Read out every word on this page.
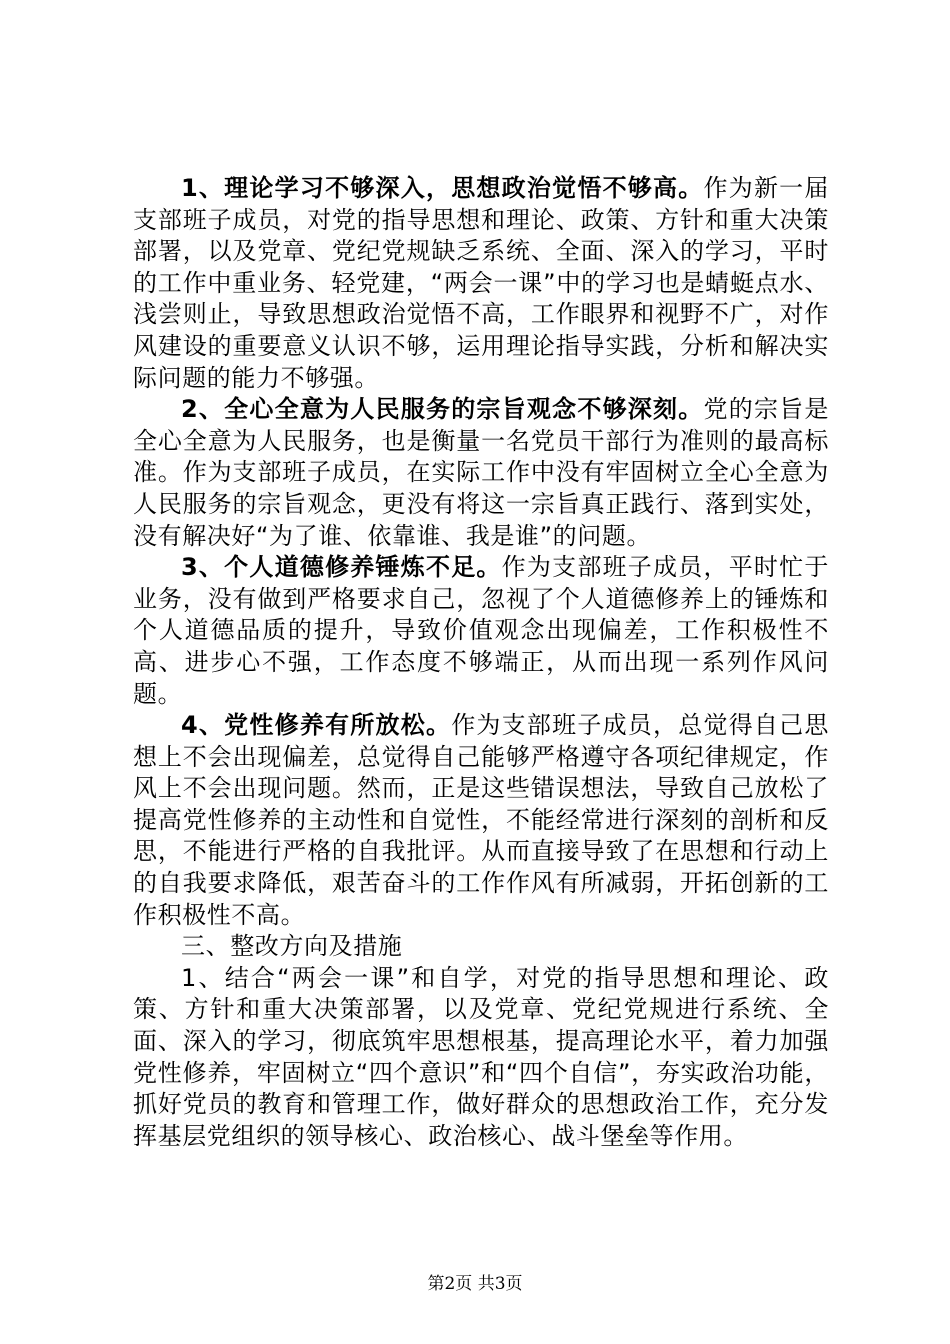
1、理论学习不够深入，思想政治觉悟不够高。作为新一届支部班子成员，对党的指导思想和理论、政策、方针和重大决策部署，以及党章、党纪党规缺乏系统、全面、深入的学习，平时的工作中重业务、轻党建，“两会一课”中的学习也是蜻蜓点水、浅尝则止，导致思想政治觉悟不高，工作眼界和视野不广，对作风建设的重要意义认识不够，运用理论指导实践，分析和解决实际问题的能力不够强。

2、全心全意为人民服务的宗旨观念不够深刻。党的宗旨是全心全意为人民服务，也是衡量一名党员干部行为准则的最高标准。作为支部班子成员，在实际工作中没有牢固树立全心全意为人民服务的宗旨观念，更没有将这一宗旨真正践行、落到实处，没有解决好“为了谁、依靠谁、我是谁”的问题。

3、个人道德修养锤炼不足。作为支部班子成员，平时忙于业务，没有做到严格要求自己，忽视了个人道德修养上的锤炼和个人道德品质的提升，导致价值观念出现偏差，工作积极性不高、进步心不强，工作态度不够端正，从而出现一系列作风问题。

4、党性修养有所放松。作为支部班子成员，总觉得自己思想上不会出现偏差，总觉得自己能够严格遵守各项纪律规定，作风上不会出现问题。然而，正是这些错误想法，导致自己放松了提高党性修养的主动性和自觉性，不能经常进行深刻的剖析和反思，不能进行严格的自我批评。从而直接导致了在思想和行动上的自我要求降低，艰苦奋斗的工作作风有所减弱，开拓创新的工作积极性不高。

三、整改方向及措施

1、结合“两会一课”和自学，对党的指导思想和理论、政策、方针和重大决策部署，以及党章、党纪党规进行系统、全面、深入的学习，彻底筑牢思想根基，提高理论水平，着力加强党性修养，牢固树立“四个意识”和“四个自信”，夯实政治功能，抓好党员的教育和管理工作，做好群众的思想政治工作，充分发挥基层党组织的领导核心、政治核心、战斗堡垒等作用。

第2页 共3页
